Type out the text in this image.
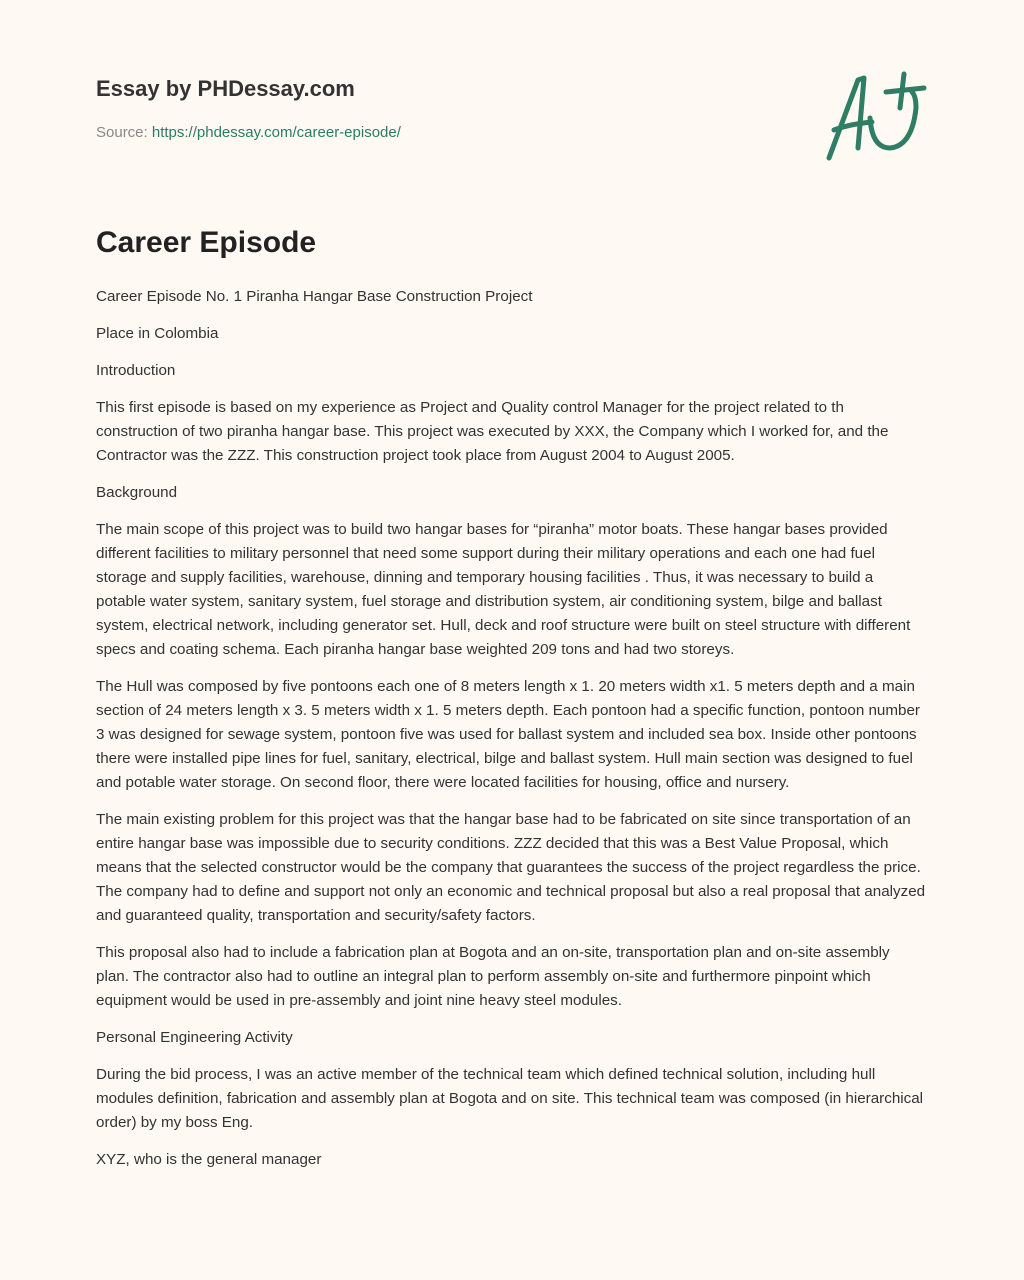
Essay by PHDessay.com
Source: https://phdessay.com/career-episode/
Career Episode

Career Episode No. 1 Piranha Hangar Base Construction Project

Place in Colombia

Introduction

This first episode is based on my experience as Project and Quality control Manager for the project related to th construction of two piranha hangar base. This project was executed by XXX, the Company which I worked for, and the Contractor was the ZZZ. This construction project took place from August 2004 to August 2005.

Background

The main scope of this project was to build two hangar bases for “piranha” motor boats. These hangar bases provided different facilities to military personnel that need some support during their military operations and each one had fuel storage and supply facilities, warehouse, dinning and temporary housing facilities . Thus, it was necessary to build a potable water system, sanitary system, fuel storage and distribution system, air conditioning system, bilge and ballast system, electrical network, including generator set. Hull, deck and roof structure were built on steel structure with different specs and coating schema. Each piranha hangar base weighted 209 tons and had two storeys.

The Hull was composed by five pontoons each one of 8 meters length x 1. 20 meters width x1. 5 meters depth and a main section of 24 meters length x 3. 5 meters width x 1. 5 meters depth. Each pontoon had a specific function, pontoon number 3 was designed for sewage system, pontoon five was used for ballast system and included sea box. Inside other pontoons there were installed pipe lines for fuel, sanitary, electrical, bilge and ballast system. Hull main section was designed to fuel and potable water storage. On second floor, there were located facilities for housing, office and nursery.

The main existing problem for this project was that the hangar base had to be fabricated on site since transportation of an entire hangar base was impossible due to security conditions. ZZZ decided that this was a Best Value Proposal, which means that the selected constructor would be the company that guarantees the success of the project regardless the price. The company had to define and support not only an economic and technical proposal but also a real proposal that analyzed and guaranteed quality, transportation and security/safety factors.

This proposal also had to include a fabrication plan at Bogota and an on-site, transportation plan and on-site assembly plan. The contractor also had to outline an integral plan to perform assembly on-site and furthermore pinpoint which equipment would be used in pre-assembly and joint nine heavy steel modules.

Personal Engineering Activity

During the bid process, I was an active member of the technical team which defined technical solution, including hull modules definition, fabrication and assembly plan at Bogota and on site. This technical team was composed (in hierarchical order) by my boss Eng.

XYZ, who is the general manager
